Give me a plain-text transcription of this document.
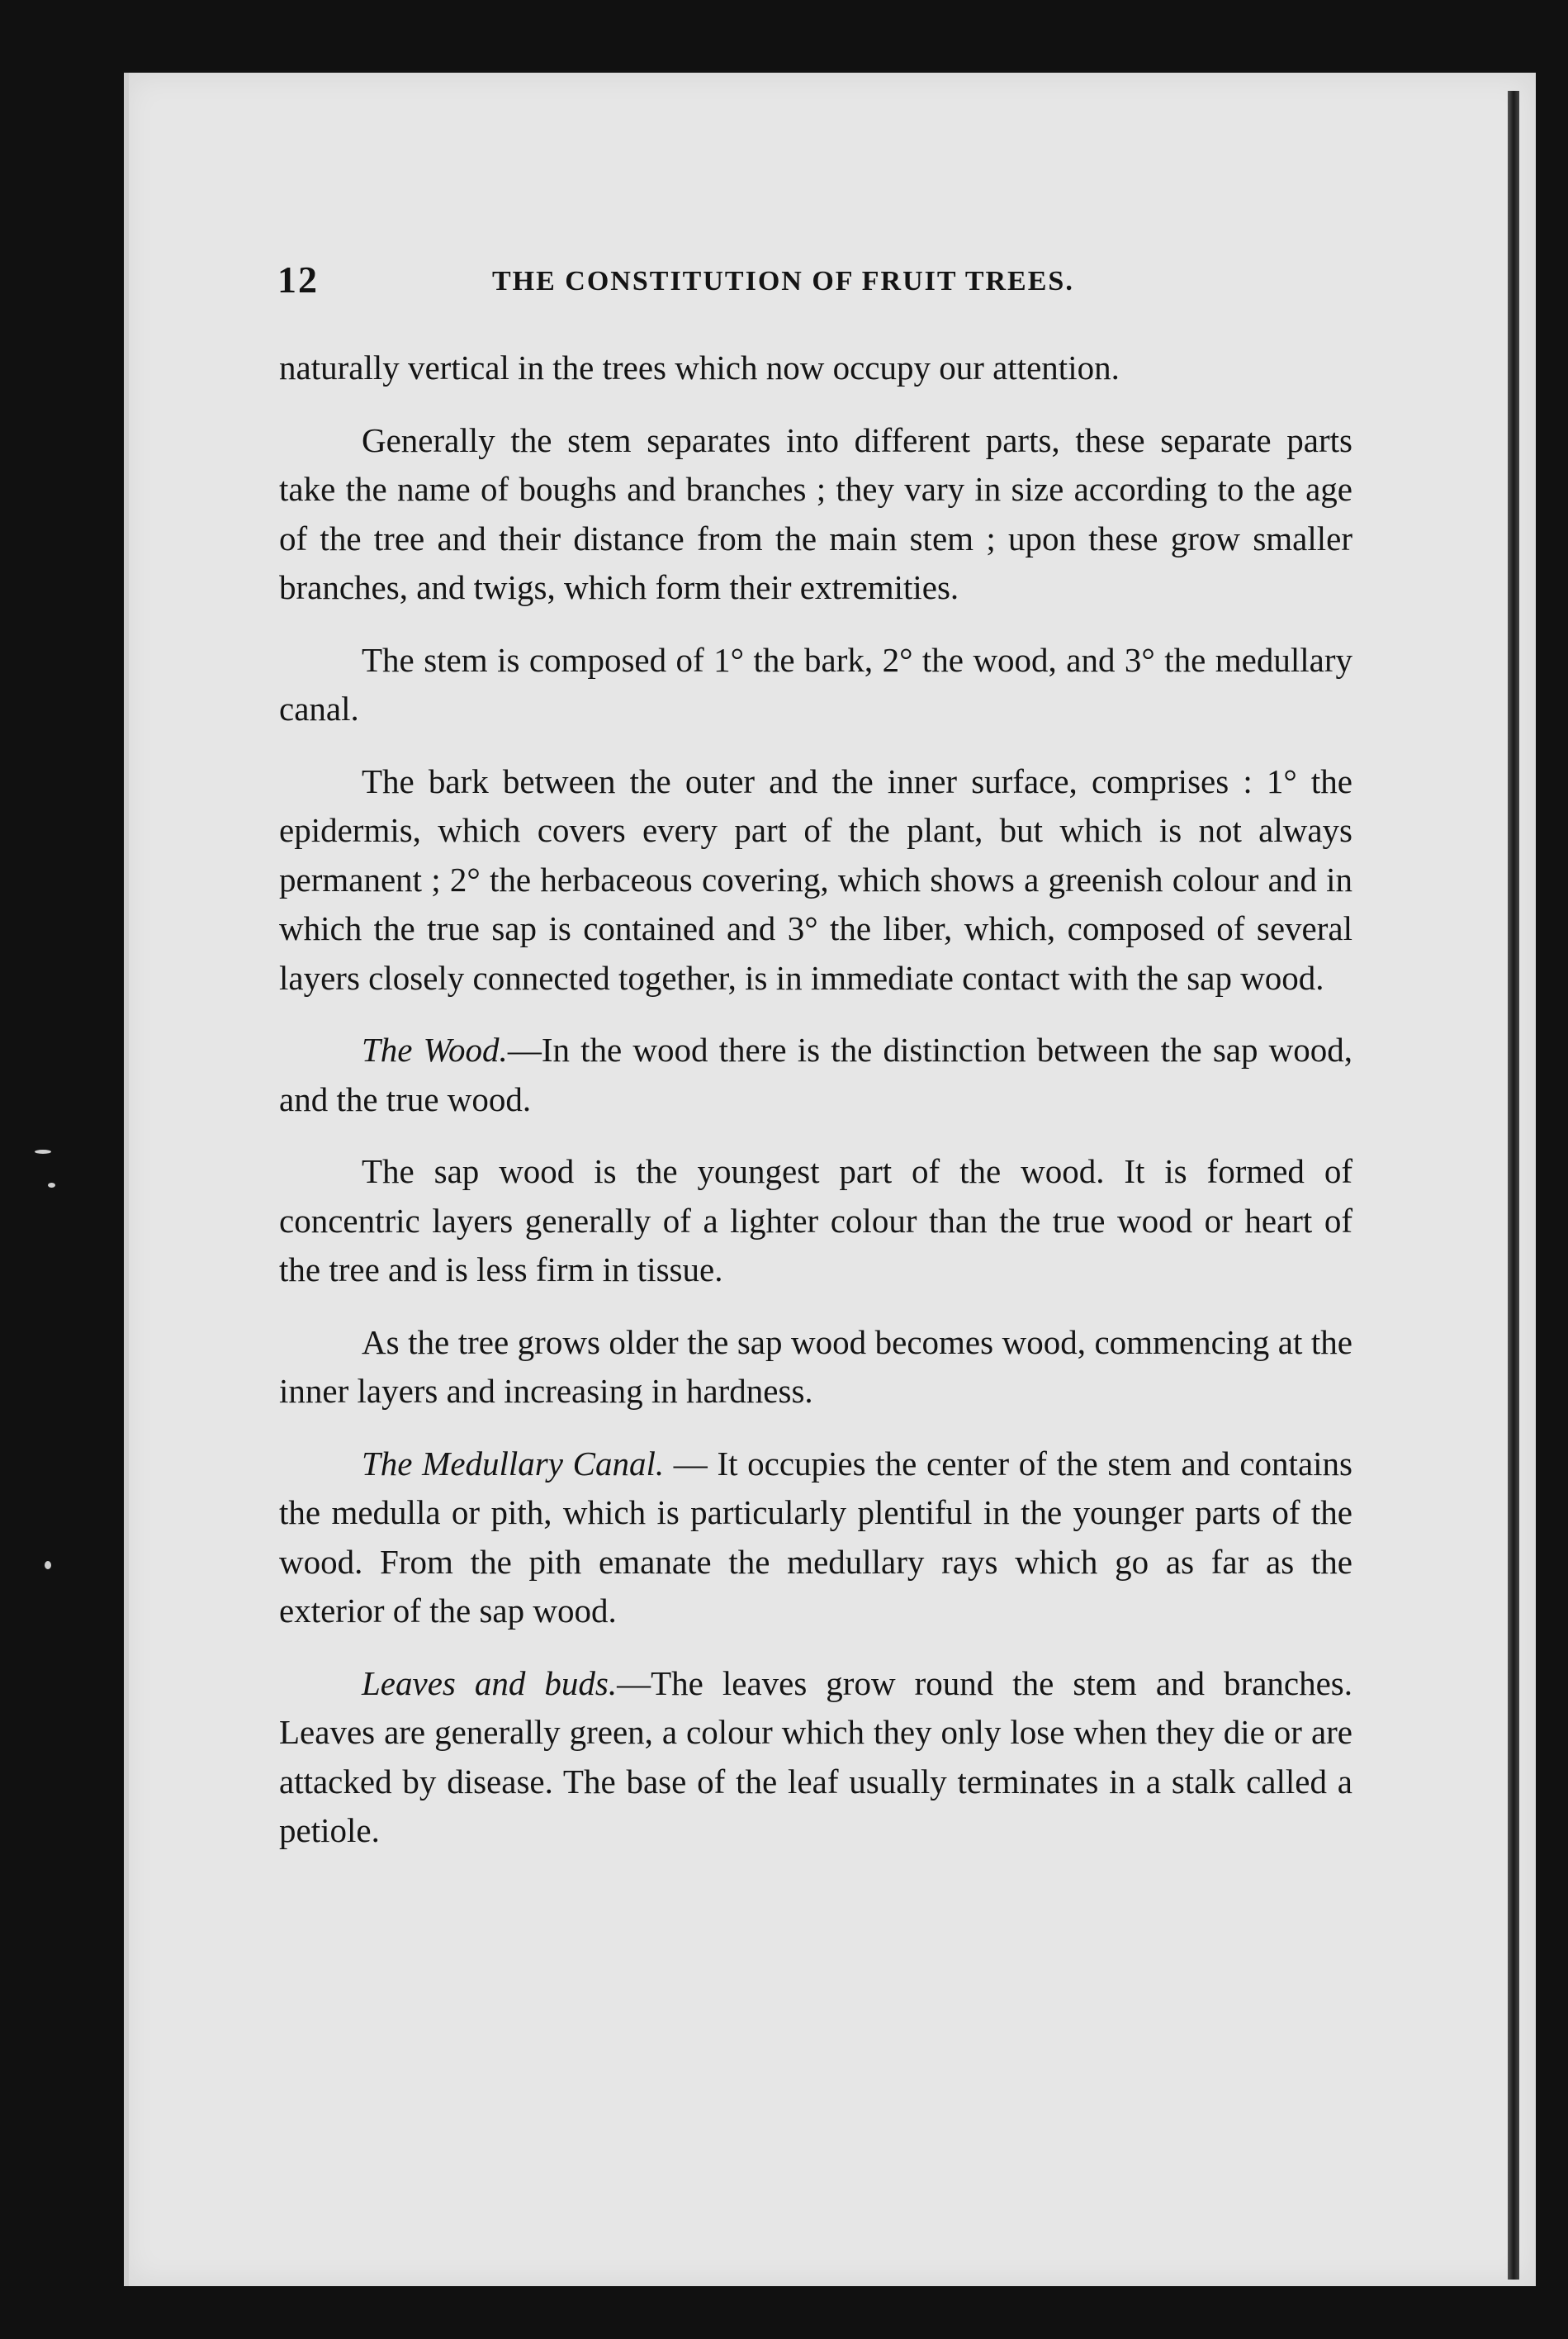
12	THE CONSTITUTION OF FRUIT TREES.

naturally vertical in the trees which now occupy our attention.

Generally the stem separates into different parts, these separate parts take the name of boughs and branches ; they vary in size according to the age of the tree and their distance from the main stem ; upon these grow smaller branches, and twigs, which form their extremities.

The stem is composed of 1° the bark, 2° the wood, and 3° the medullary canal.

The bark between the outer and the inner surface, comprises : 1° the epidermis, which covers every part of the plant, but which is not always permanent ; 2° the herbaceous covering, which shows a greenish colour and in which the true sap is contained and 3° the liber, which, composed of several layers closely connected together, is in immediate contact with the sap wood.

The Wood.—In the wood there is the distinction between the sap wood, and the true wood.

The sap wood is the youngest part of the wood. It is formed of concentric layers generally of a lighter colour than the true wood or heart of the tree and is less firm in tissue.

As the tree grows older the sap wood becomes wood, commencing at the inner layers and increasing in hardness.

The Medullary Canal. — It occupies the center of the stem and contains the medulla or pith, which is particularly plentiful in the younger parts of the wood. From the pith emanate the medullary rays which go as far as the exterior of the sap wood.

Leaves and buds.—The leaves grow round the stem and branches. Leaves are generally green, a colour which they only lose when they die or are attacked by disease. The base of the leaf usually terminates in a stalk called a petiole.
